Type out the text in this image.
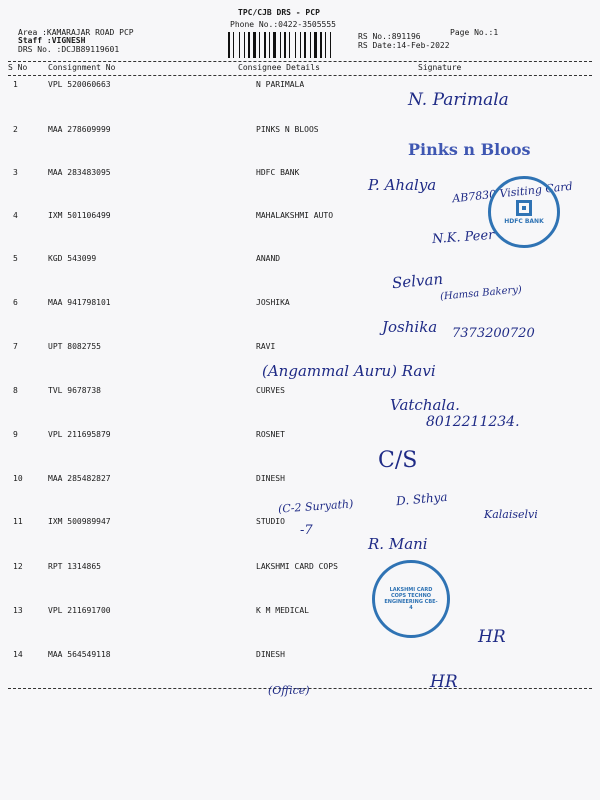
TPC/CJB DRS - PCP
Phone No.:0422-3505555
Area :KAMARAJAR ROAD PCP
Staff :VIGNESH
DRS No. :DCJB89119601
RS No.:891196
RS Date:14-Feb-2022
Page No.:1
S No	Consignment No	Consignee Details	Signature
1	VPL 520060663	N PARIMALA
2	MAA 278609999	PINKS N BLOOS
3	MAA 283483095	HDFC BANK
4	IXM 501106499	MAHALAKSHMI AUTO
5	KGD 543099	ANAND
6	MAA 941798101	JOSHIKA
7	UPT 8082755	RAVI
8	TVL 9678738	CURVES
9	VPL 211695879	ROSNET
10	MAA 285482827	DINESH
11	IXM 500989947	STUDIO
12	RPT 1314865	LAKSHMI CARD COPS
13	VPL 211691700	K M MEDICAL
14	MAA 564549118	DINESH
N. Parimala
Pinks n Bloos
P. Ahalya AB7830 Visiting Card
N.K. Peer
Selvan
(Hamsa Bakery)
Joshika 7373200720
(Angammal Auru) Ravi
Vatchala.
8012211234.
C/S
(C-2 Suryath)	D. Sthya
Kalaiselvi
-7
R. Mani
HR
(Office)	HR
HDFC BANK
LAKSHMI CARD COPS TECHNO ENGINEERING CBE-4
